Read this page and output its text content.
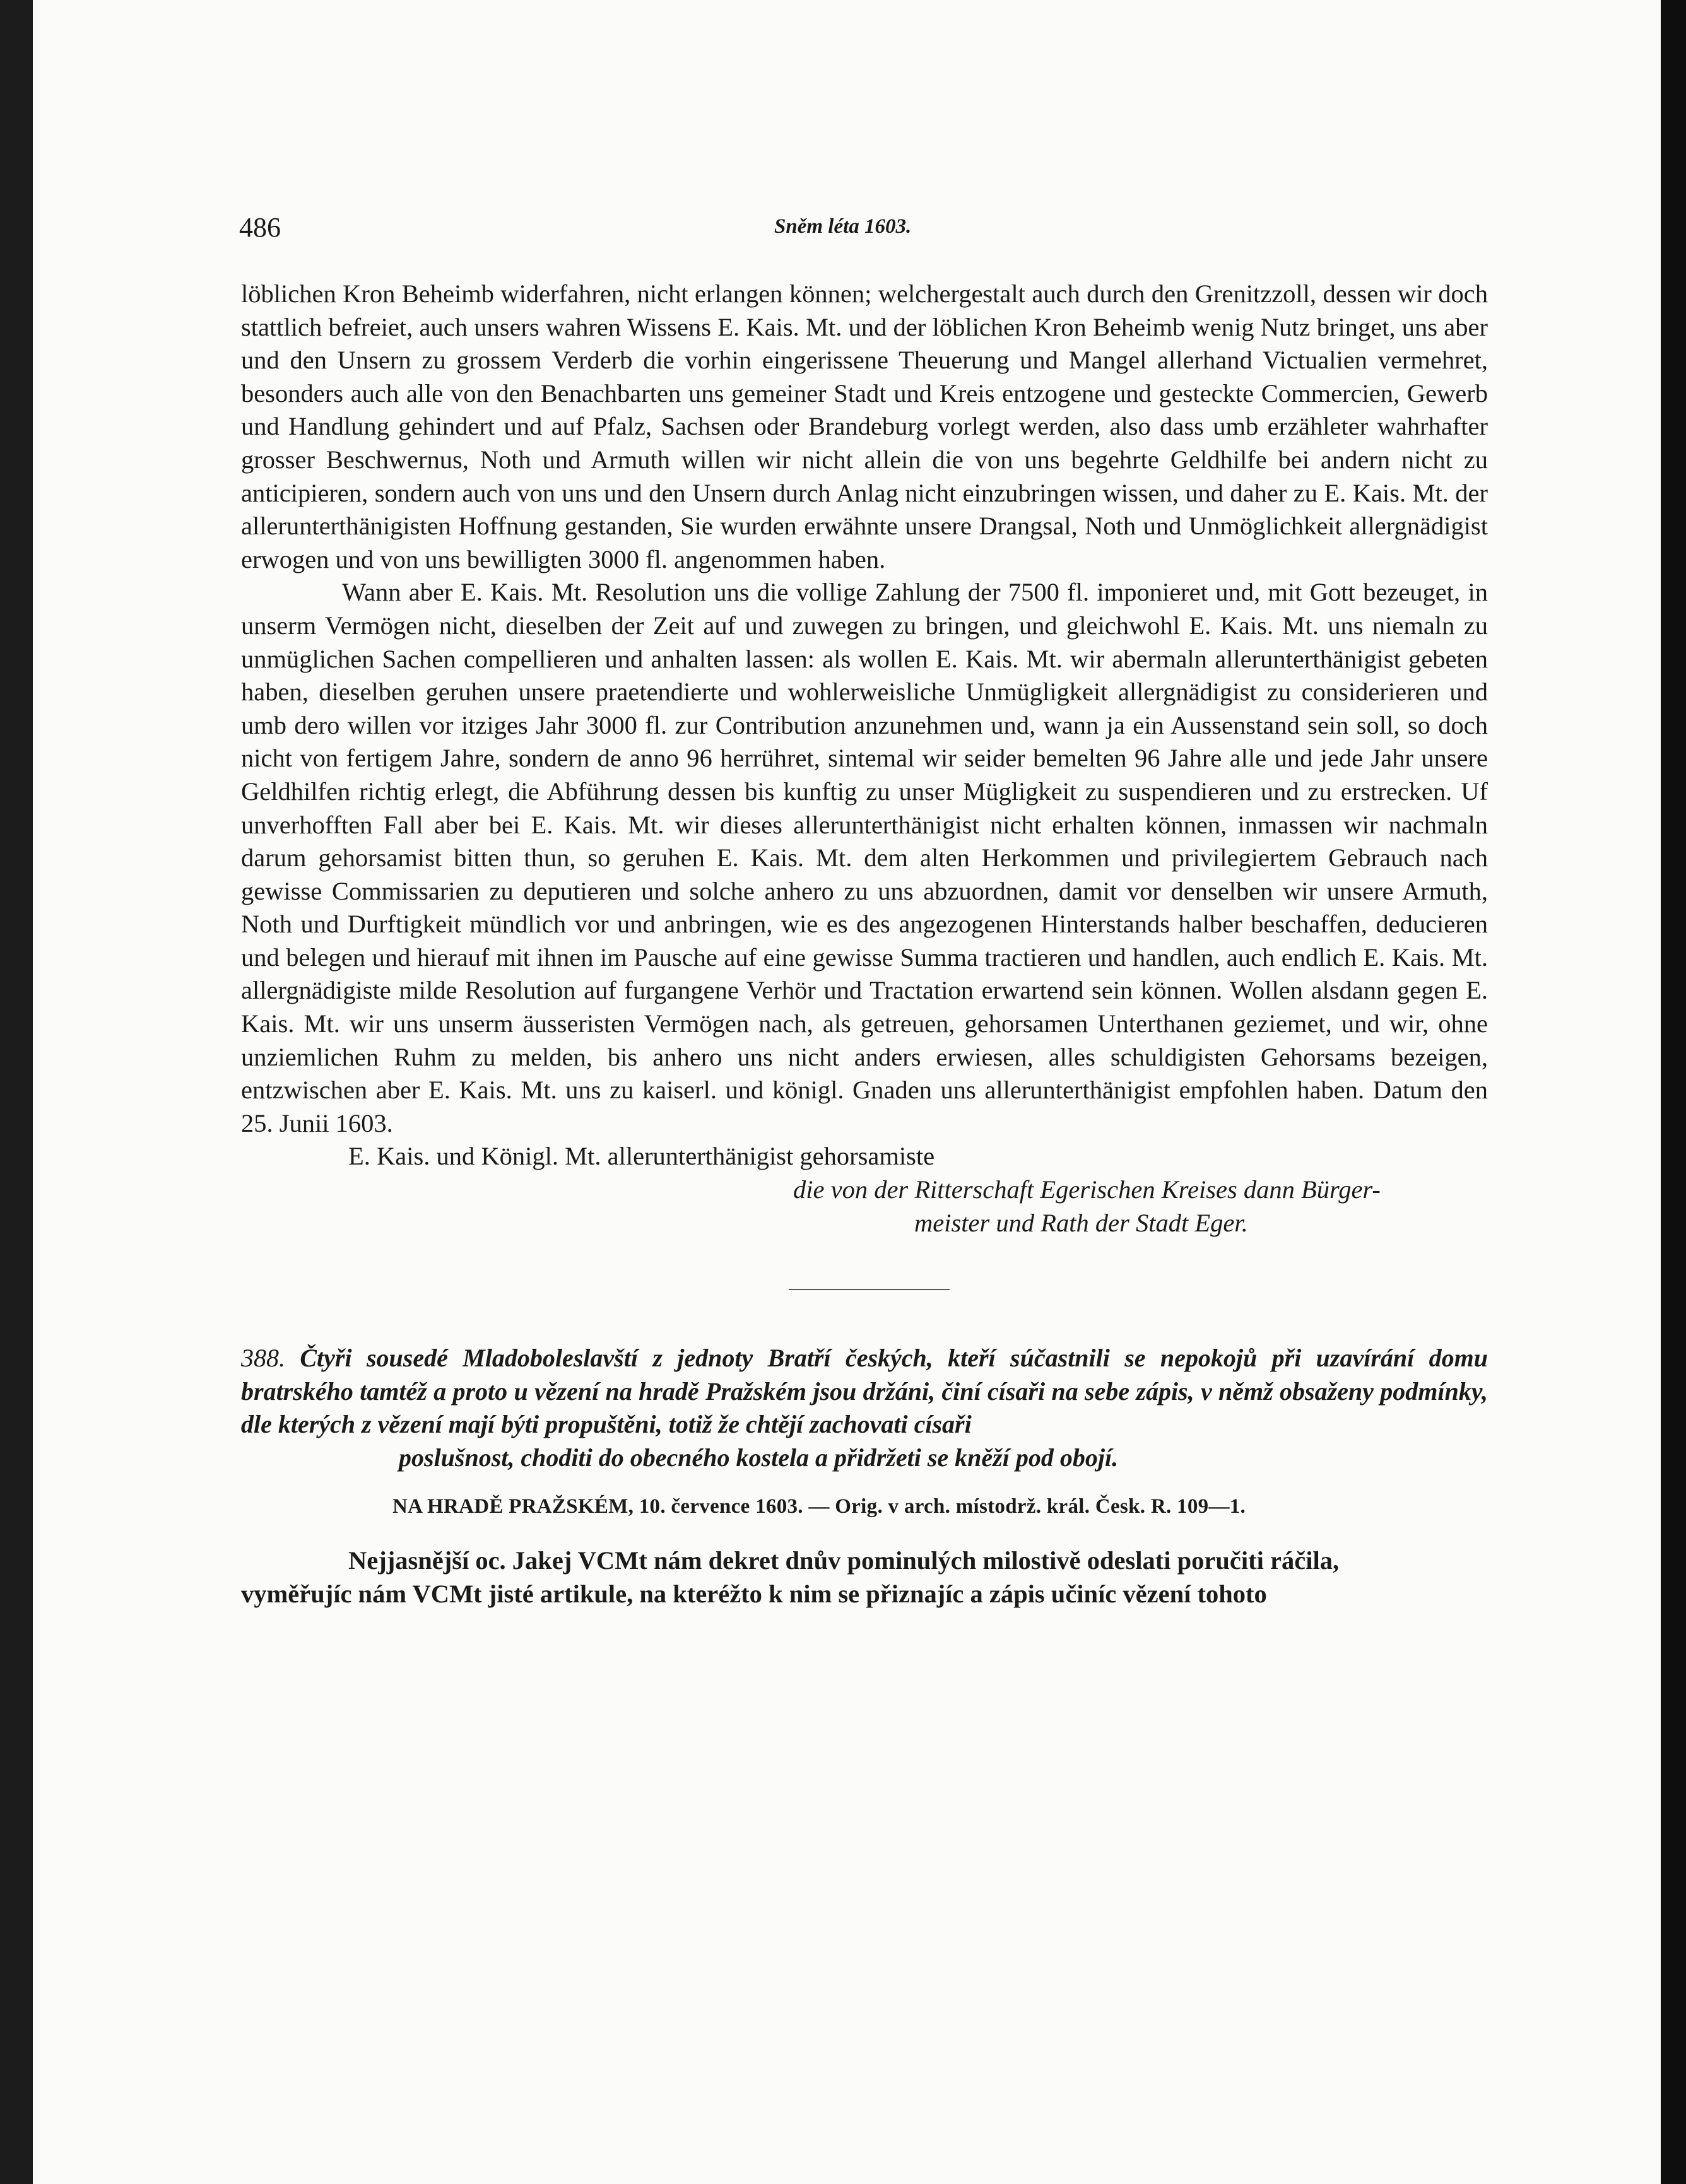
486	Sněm léta 1603.

löblichen Kron Beheimb widerfahren, nicht erlangen können; welchergestalt auch durch den Grenitzzoll, dessen wir doch stattlich befreiet, auch unsers wahren Wissens E. Kais. Mt. und der löblichen Kron Beheimb wenig Nutz bringet, uns aber und den Unsern zu grossem Verderb die vorhin eingerissene Theuerung und Mangel allerhand Victualien vermehret, besonders auch alle von den Benachbarten uns gemeiner Stadt und Kreis entzogene und gesteckte Commercien, Gewerb und Handlung gehindert und auf Pfalz, Sachsen oder Brandeburg vorlegt werden, also dass umb erzähleter wahrhafter grosser Beschwernus, Noth und Armuth willen wir nicht allein die von uns begehrte Geldhilfe bei andern nicht zu anticipieren, sondern auch von uns und den Unsern durch Anlag nicht einzubringen wissen, und daher zu E. Kais. Mt. der allerunterthänigisten Hoffnung gestanden, Sie wurden erwähnte unsere Drangsal, Noth und Unmöglichkeit allergnädigist erwogen und von uns bewilligten 3000 fl. angenommen haben.

Wann aber E. Kais. Mt. Resolution uns die vollige Zahlung der 7500 fl. imponieret und, mit Gott bezeuget, in unserm Vermögen nicht, dieselben der Zeit auf und zuwegen zu bringen, und gleichwohl E. Kais. Mt. uns niemaln zu unmüglichen Sachen compellieren und anhalten lassen: als wollen E. Kais. Mt. wir abermaln allerunterthänigist gebeten haben, dieselben geruhen unsere praetendierte und wohlerweisliche Unmügligkeit allergnädigist zu considerieren und umb dero willen vor itziges Jahr 3000 fl. zur Contribution anzunehmen und, wann ja ein Aussenstand sein soll, so doch nicht von fertigem Jahre, sondern de anno 96 herrühret, sintemal wir seider bemelten 96 Jahre alle und jede Jahr unsere Geldhilfen richtig erlegt, die Abführung dessen bis kunftig zu unser Mügligkeit zu suspendieren und zu erstrecken. Uf unverhofften Fall aber bei E. Kais. Mt. wir dieses allerunterthänigist nicht erhalten können, inmassen wir nachmaln darum gehorsamist bitten thun, so geruhen E. Kais. Mt. dem alten Herkommen und privilegiertem Gebrauch nach gewisse Commissarien zu deputieren und solche anhero zu uns abzuordnen, damit vor denselben wir unsere Armuth, Noth und Durftigkeit mündlich vor und anbringen, wie es des angezogenen Hinterstands halber beschaffen, deducieren und belegen und hierauf mit ihnen im Pausche auf eine gewisse Summa tractieren und handlen, auch endlich E. Kais. Mt. allergnädigiste milde Resolution auf furgangene Verhör und Tractation erwartend sein können. Wollen alsdann gegen E. Kais. Mt. wir uns unserm äusseristen Vermögen nach, als getreuen, gehorsamen Unterthanen geziemet, und wir, ohne unziemlichen Ruhm zu melden, bis anhero uns nicht anders erwiesen, alles schuldigisten Gehorsams bezeigen, entzwischen aber E. Kais. Mt. uns zu kaiserl. und königl. Gnaden uns allerunterthänigist empfohlen haben. Datum den 25. Junii 1603.

E. Kais. und Königl. Mt. allerunterthänigist gehorsamiste

die von der Ritterschaft Egerischen Kreises dann Bürger-

meister und Rath der Stadt Eger.

388. Čtyři sousedé Mladoboleslavští z jednoty Bratří českých, kteří súčastnili se nepokojů při uzavírání domu bratrského tamtéž a proto u vězení na hradě Pražském jsou držáni, činí císaři na sebe zápis, v němž obsaženy podmínky, dle kterých z vězení mají býti propuštěni, totiž že chtějí zachovati císaři
poslušnost, choditi do obecného kostela a přidržeti se kněží pod obojí.

NA HRADĚ PRAŽSKÉM, 10. července 1603. — Orig. v arch. místodrž. král. Česk. R. 109—1.

Nejjasnější oc. Jakej VCMt nám dekret dnův pominulých milostivě odeslati poručiti ráčila,
vyměřujíc nám VCMt jisté artikule, na kteréžto k nim se přiznajíc a zápis učiníc vězení tohoto
